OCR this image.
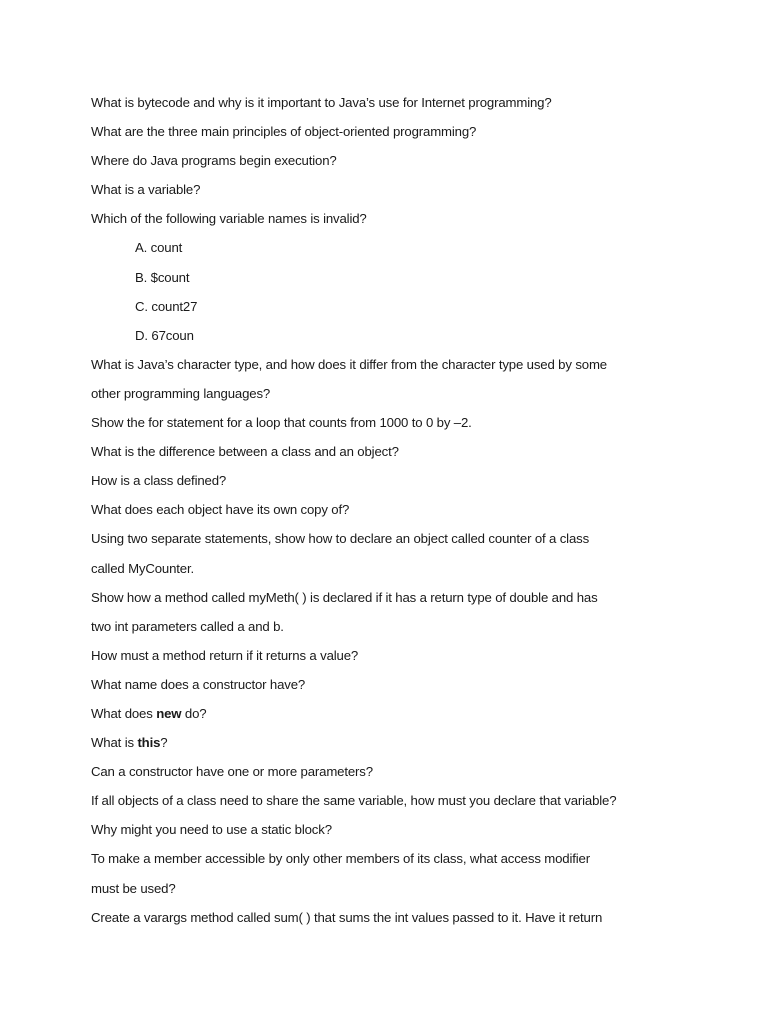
What is bytecode and why is it important to Java’s use for Internet programming?
What are the three main principles of object-oriented programming?
Where do Java programs begin execution?
What is a variable?
Which of the following variable names is invalid?
A. count
B. $count
C. count27
D. 67coun
What is Java’s character type, and how does it differ from the character type used by some
other programming languages?
Show the for statement for a loop that counts from 1000 to 0 by –2.
What is the difference between a class and an object?
How is a class defined?
What does each object have its own copy of?
Using two separate statements, show how to declare an object called counter of a class
called MyCounter.
Show how a method called myMeth( ) is declared if it has a return type of double and has
two int parameters called a and b.
How must a method return if it returns a value?
What name does a constructor have?
What does new do?
What is this?
Can a constructor have one or more parameters?
If all objects of a class need to share the same variable, how must you declare that variable?
Why might you need to use a static block?
To make a member accessible by only other members of its class, what access modifier
must be used?
Create a varargs method called sum( ) that sums the int values passed to it. Have it return
